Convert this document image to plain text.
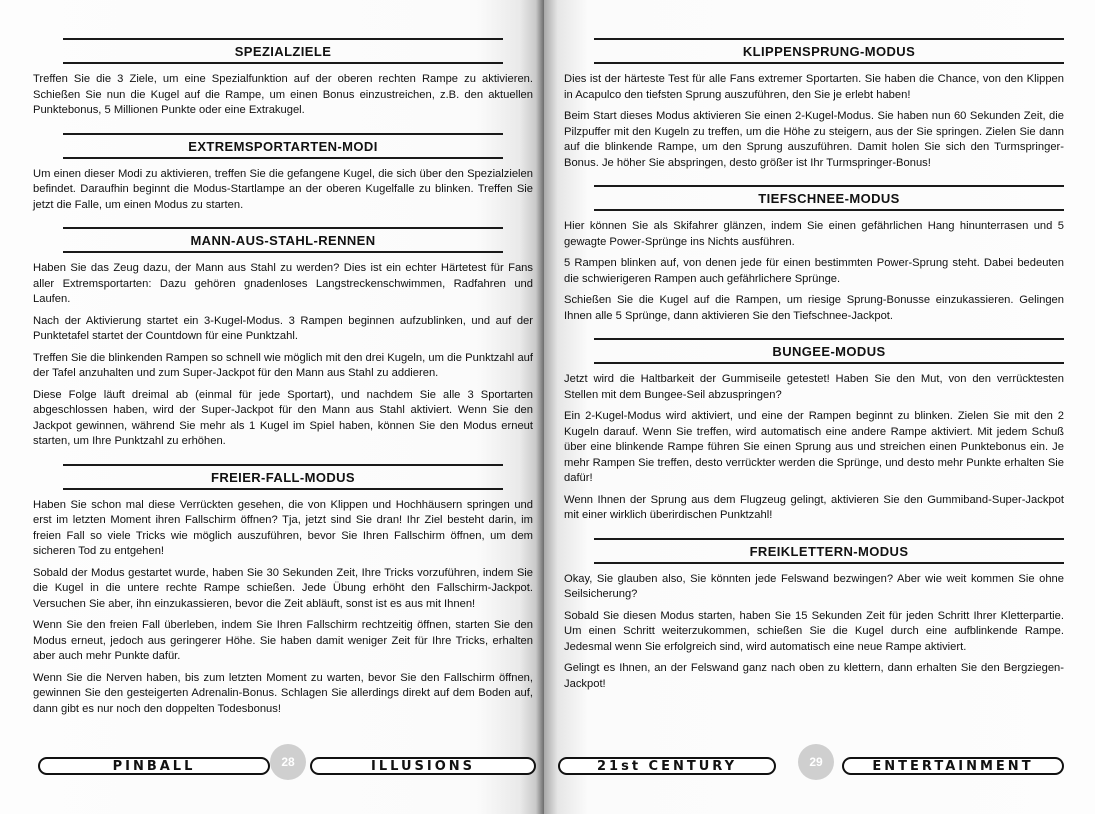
SPEZIALZIELE

Treffen Sie die 3 Ziele, um eine Spezialfunktion auf der oberen rechten Rampe zu aktivieren. Schießen Sie nun die Kugel auf die Rampe, um einen Bonus einzustreichen, z.B. den aktuellen Punktebonus, 5 Millionen Punkte oder eine Extrakugel.

EXTREMSPORTARTEN-MODI

Um einen dieser Modi zu aktivieren, treffen Sie die gefangene Kugel, die sich über den Spezialzielen befindet. Daraufhin beginnt die Modus-Startlampe an der oberen Kugelfalle zu blinken. Treffen Sie jetzt die Falle, um einen Modus zu starten.

MANN-AUS-STAHL-RENNEN

Haben Sie das Zeug dazu, der Mann aus Stahl zu werden? Dies ist ein echter Härtetest für Fans aller Extremsportarten: Dazu gehören gnadenloses Langstreckenschwimmen, Radfahren und Laufen.

Nach der Aktivierung startet ein 3-Kugel-Modus. 3 Rampen beginnen aufzublinken, und auf der Punktetafel startet der Countdown für eine Punktzahl.

Treffen Sie die blinkenden Rampen so schnell wie möglich mit den drei Kugeln, um die Punktzahl auf der Tafel anzuhalten und zum Super-Jackpot für den Mann aus Stahl zu addieren.

Diese Folge läuft dreimal ab (einmal für jede Sportart), und nachdem Sie alle 3 Sportarten abgeschlossen haben, wird der Super-Jackpot für den Mann aus Stahl aktiviert. Wenn Sie den Jackpot gewinnen, während Sie mehr als 1 Kugel im Spiel haben, können Sie den Modus erneut starten, um Ihre Punktzahl zu erhöhen.

FREIER-FALL-MODUS

Haben Sie schon mal diese Verrückten gesehen, die von Klippen und Hochhäusern springen und erst im letzten Moment ihren Fallschirm öffnen? Tja, jetzt sind Sie dran! Ihr Ziel besteht darin, im freien Fall so viele Tricks wie möglich auszuführen, bevor Sie Ihren Fallschirm öffnen, um dem sicheren Tod zu entgehen!

Sobald der Modus gestartet wurde, haben Sie 30 Sekunden Zeit, Ihre Tricks vorzuführen, indem Sie die Kugel in die untere rechte Rampe schießen. Jede Übung erhöht den Fallschirm-Jackpot. Versuchen Sie aber, ihn einzukassieren, bevor die Zeit abläuft, sonst ist es aus mit Ihnen!

Wenn Sie den freien Fall überleben, indem Sie Ihren Fallschirm rechtzeitig öffnen, starten Sie den Modus erneut, jedoch aus geringerer Höhe. Sie haben damit weniger Zeit für Ihre Tricks, erhalten aber auch mehr Punkte dafür.

Wenn Sie die Nerven haben, bis zum letzten Moment zu warten, bevor Sie den Fallschirm öffnen, gewinnen Sie den gesteigerten Adrenalin-Bonus. Schlagen Sie allerdings direkt auf dem Boden auf, dann gibt es nur noch den doppelten Todesbonus!

PINBALL	28	ILLUSIONS
KLIPPENSPRUNG-MODUS

Dies ist der härteste Test für alle Fans extremer Sportarten. Sie haben die Chance, von den Klippen in Acapulco den tiefsten Sprung auszuführen, den Sie je erlebt haben!

Beim Start dieses Modus aktivieren Sie einen 2-Kugel-Modus. Sie haben nun 60 Sekunden Zeit, die Pilzpuffer mit den Kugeln zu treffen, um die Höhe zu steigern, aus der Sie springen. Zielen Sie dann auf die blinkende Rampe, um den Sprung auszuführen. Damit holen Sie sich den Turmspringer-Bonus. Je höher Sie abspringen, desto größer ist Ihr Turmspringer-Bonus!

TIEFSCHNEE-MODUS

Hier können Sie als Skifahrer glänzen, indem Sie einen gefährlichen Hang hinunterrasen und 5 gewagte Power-Sprünge ins Nichts ausführen.

5 Rampen blinken auf, von denen jede für einen bestimmten Power-Sprung steht. Dabei bedeuten die schwierigeren Rampen auch gefährlichere Sprünge.

Schießen Sie die Kugel auf die Rampen, um riesige Sprung-Bonusse einzukassieren. Gelingen Ihnen alle 5 Sprünge, dann aktivieren Sie den Tiefschnee-Jackpot.

BUNGEE-MODUS

Jetzt wird die Haltbarkeit der Gummiseile getestet! Haben Sie den Mut, von den verrücktesten Stellen mit dem Bungee-Seil abzuspringen?

Ein 2-Kugel-Modus wird aktiviert, und eine der Rampen beginnt zu blinken. Zielen Sie mit den 2 Kugeln darauf. Wenn Sie treffen, wird automatisch eine andere Rampe aktiviert. Mit jedem Schuß über eine blinkende Rampe führen Sie einen Sprung aus und streichen einen Punktebonus ein. Je mehr Rampen Sie treffen, desto verrückter werden die Sprünge, und desto mehr Punkte erhalten Sie dafür!

Wenn Ihnen der Sprung aus dem Flugzeug gelingt, aktivieren Sie den Gummiband-Super-Jackpot mit einer wirklich überirdischen Punktzahl!

FREIKLETTERN-MODUS

Okay, Sie glauben also, Sie könnten jede Felswand bezwingen? Aber wie weit kommen Sie ohne Seilsicherung?

Sobald Sie diesen Modus starten, haben Sie 15 Sekunden Zeit für jeden Schritt Ihrer Kletterpartie. Um einen Schritt weiterzukommen, schießen Sie die Kugel durch eine aufblinkende Rampe. Jedesmal wenn Sie erfolgreich sind, wird automatisch eine neue Rampe aktiviert.

Gelingt es Ihnen, an der Felswand ganz nach oben zu klettern, dann erhalten Sie den Bergziegen-Jackpot!

21st CENTURY	29	ENTERTAINMENT
